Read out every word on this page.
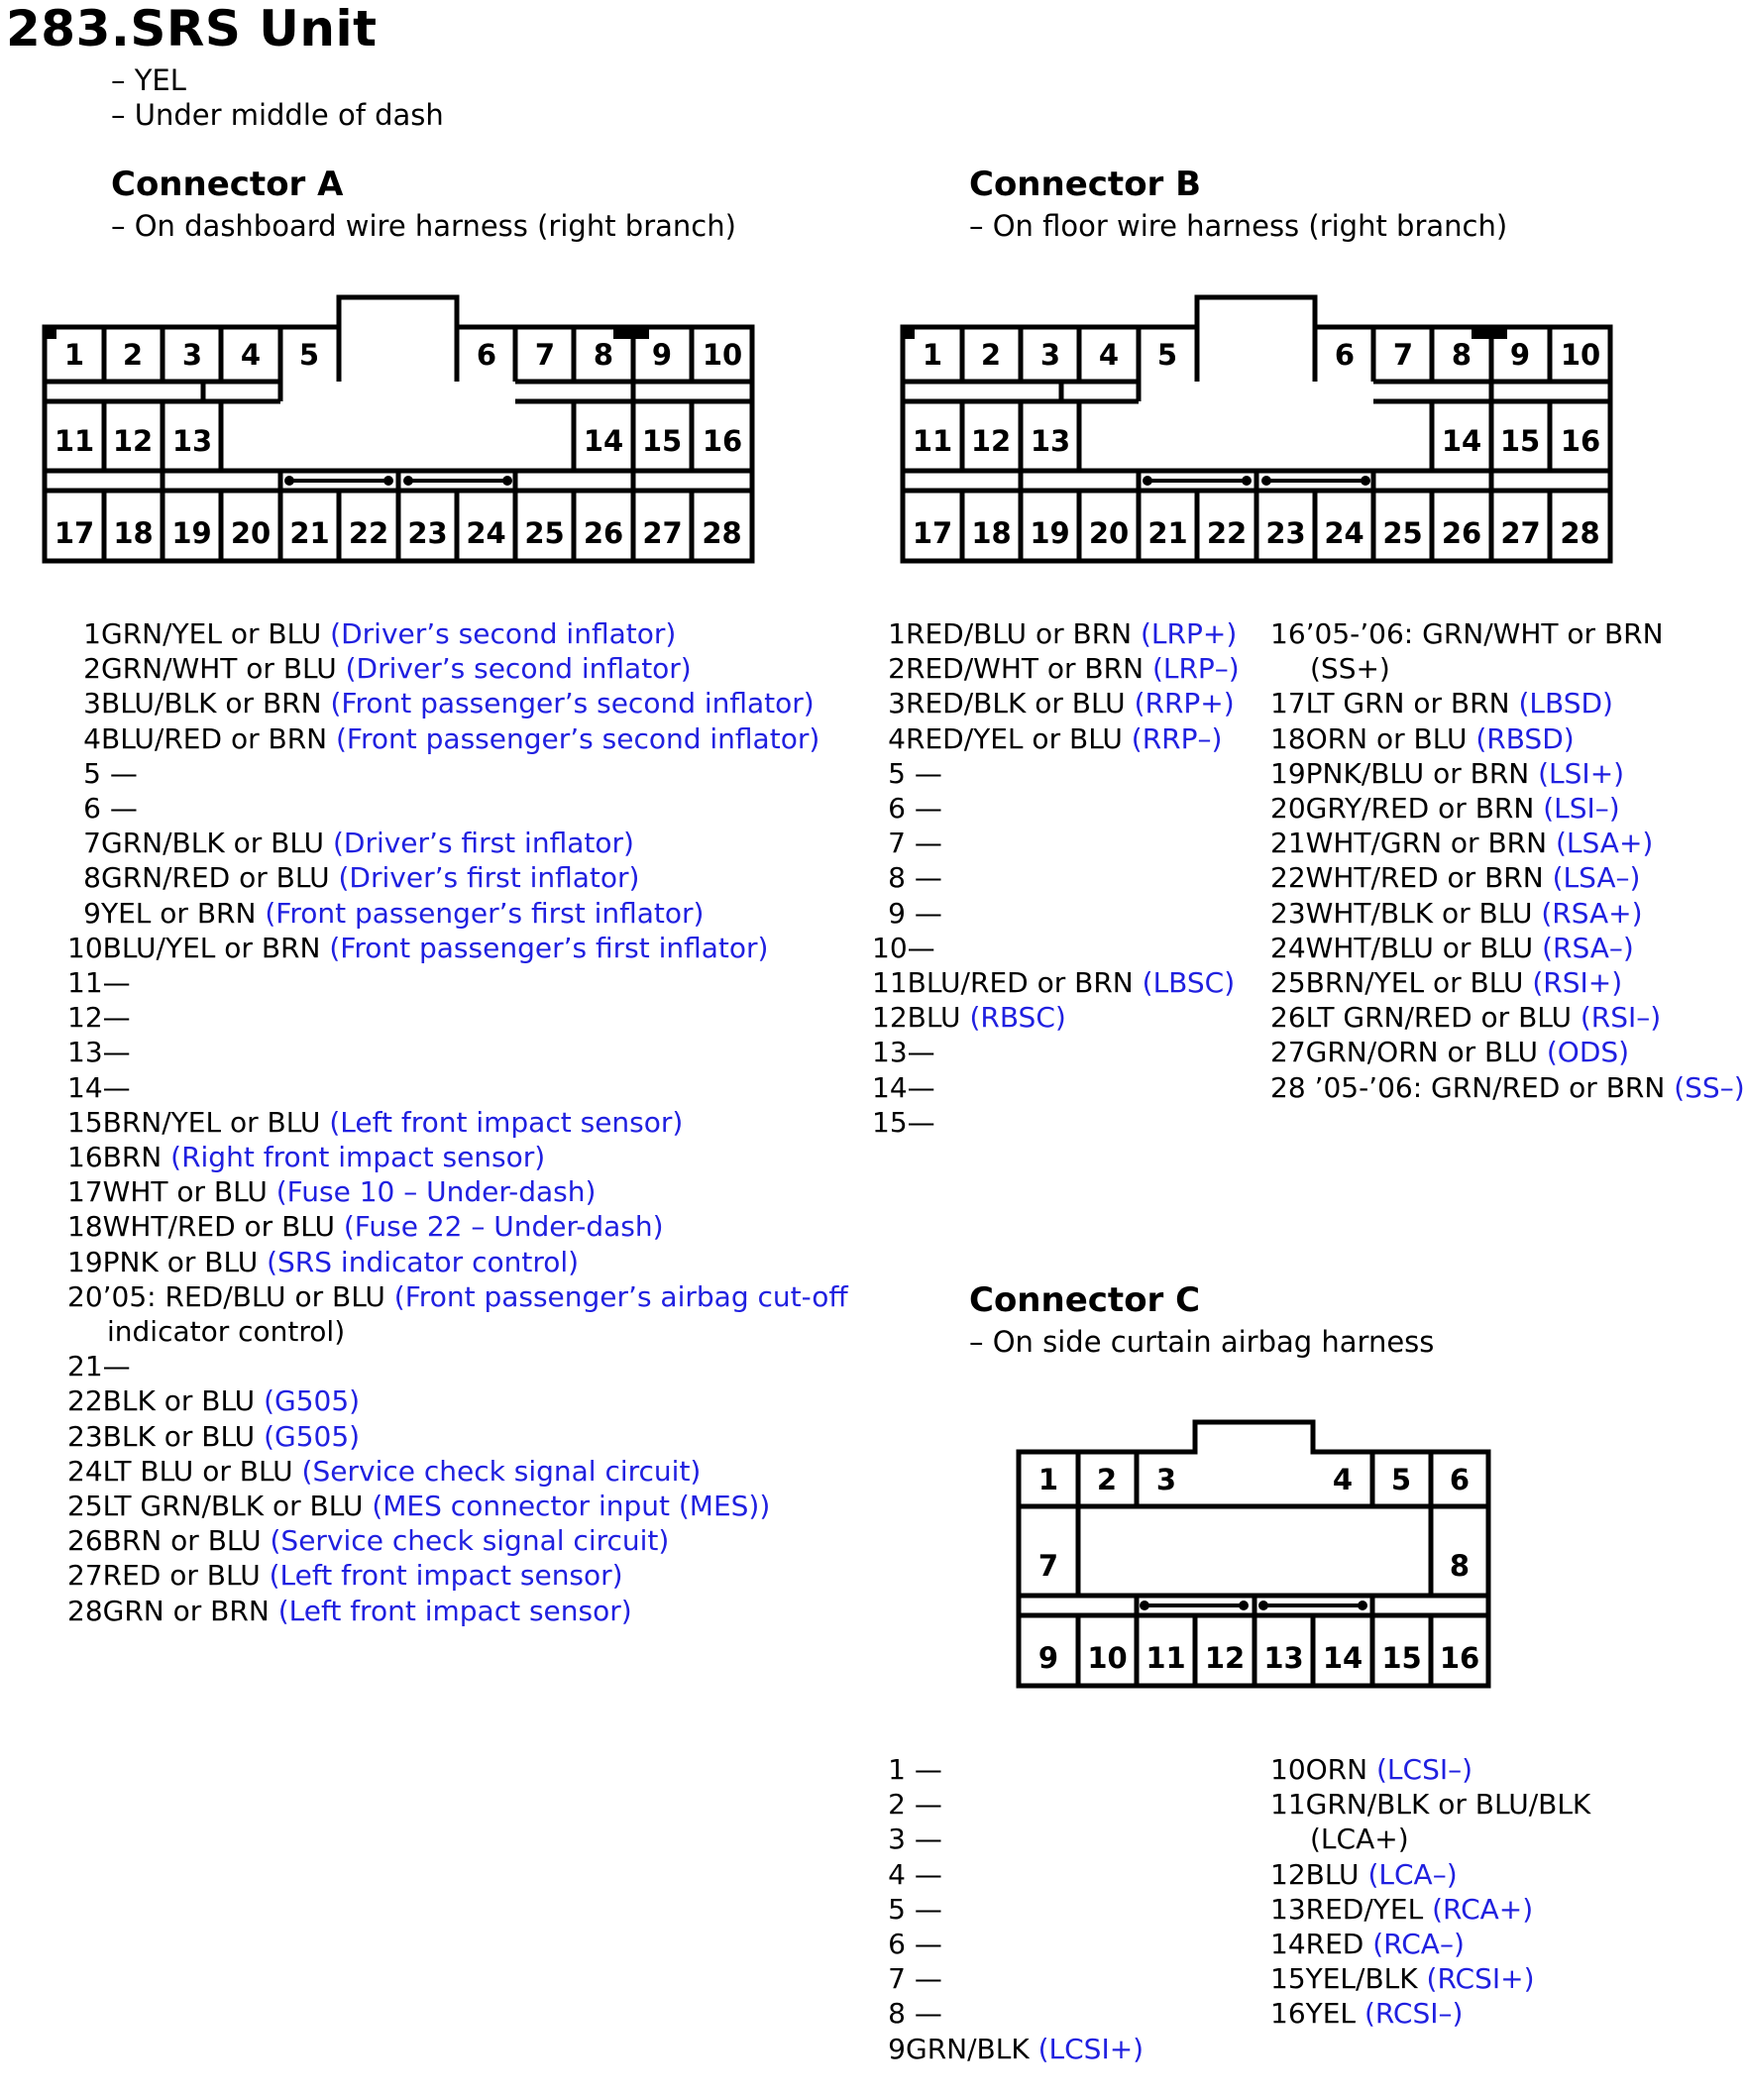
283.SRS Unit
– YEL
– Under middle of dash
Connector A
– On dashboard wire harness (right branch)
Connector B
– On floor wire harness (right branch)
Connector C
– On side curtain airbag harness
1 2 3 4 5	6 7 8 9 10
11 12 13	14 15 16
17 18 19 20 21 22 23 24 25 26 27 28
1 2 3 4 5	6 7 8 9 10
11 12 13	14 15 16
17 18 19 20 21 22 23 24 25 26 27 28
1 2 3	4 5 6
7	8
9 10 11 12 13 14 15 16
1GRN/YEL or BLU (Driver’s second inflator)
2GRN/WHT or BLU (Driver’s second inflator)
3BLU/BLK or BRN (Front passenger’s second inflator)
4BLU/RED or BRN (Front passenger’s second inflator)
5 —
6 —
7GRN/BLK or BLU (Driver’s first inflator)
8GRN/RED or BLU (Driver’s first inflator)
9YEL or BRN (Front passenger’s first inflator)
10BLU/YEL or BRN (Front passenger’s first inflator)
11—
12—
13—
14—
15BRN/YEL or BLU (Left front impact sensor)
16BRN (Right front impact sensor)
17WHT or BLU (Fuse 10 – Under-dash)
18WHT/RED or BLU (Fuse 22 – Under-dash)
19PNK or BLU (SRS indicator control)
20’05: RED/BLU or BLU (Front passenger’s airbag cut-off
indicator control)
21—
22BLK or BLU (G505)
23BLK or BLU (G505)
24LT BLU or BLU (Service check signal circuit)
25LT GRN/BLK or BLU (MES connector input (MES))
26BRN or BLU (Service check signal circuit)
27RED or BLU (Left front impact sensor)
28GRN or BRN (Left front impact sensor)
1RED/BLU or BRN (LRP+)
2RED/WHT or BRN (LRP–)
3RED/BLK or BLU (RRP+)
4RED/YEL or BLU (RRP–)
5 —
6 —
7 —
8 —
9 —
10—
11BLU/RED or BRN (LBSC)
12BLU (RBSC)
13—
14—
15—
16’05-’06: GRN/WHT or BRN
(SS+)
17LT GRN or BRN (LBSD)
18ORN or BLU (RBSD)
19PNK/BLU or BRN (LSI+)
20GRY/RED or BRN (LSI–)
21WHT/GRN or BRN (LSA+)
22WHT/RED or BRN (LSA–)
23WHT/BLK or BLU (RSA+)
24WHT/BLU or BLU (RSA–)
25BRN/YEL or BLU (RSI+)
26LT GRN/RED or BLU (RSI–)
27GRN/ORN or BLU (ODS)
28 ’05-’06: GRN/RED or BRN (SS–)
1 —
2 —
3 —
4 —
5 —
6 —
7 —
8 —
9GRN/BLK (LCSI+)
10ORN (LCSI–)
11GRN/BLK or BLU/BLK
(LCA+)
12BLU (LCA–)
13RED/YEL (RCA+)
14RED (RCA–)
15YEL/BLK (RCSI+)
16YEL (RCSI–)
